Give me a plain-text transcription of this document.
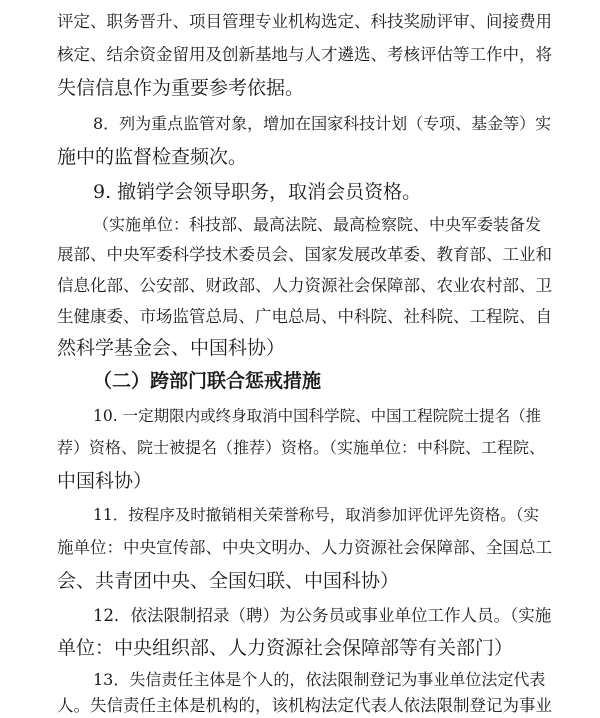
评定、职务晋升、项目管理专业机构选定、科技奖励评审、间接费用
核定、结余资金留用及创新基地与人才遴选、考核评估等工作中，将
失信信息作为重要参考依据。
8．列为重点监管对象，增加在国家科技计划（专项、基金等）实
施中的监督检查频次。
9. 撤销学会领导职务，取消会员资格。
（实施单位：科技部、最高法院、最高检察院、中央军委装备发
展部、中央军委科学技术委员会、国家发展改革委、教育部、工业和
信息化部、公安部、财政部、人力资源社会保障部、农业农村部、卫
生健康委、市场监管总局、广电总局、中科院、社科院、工程院、自
然科学基金会、中国科协）
（二）跨部门联合惩戒措施
10. 一定期限内或终身取消中国科学院、中国工程院院士提名（推
荐）资格、院士被提名（推荐）资格。（实施单位：中科院、工程院、
中国科协）
11．按程序及时撤销相关荣誉称号，取消参加评优评先资格。（实
施单位：中央宣传部、中央文明办、人力资源社会保障部、全国总工
会、共青团中央、全国妇联、中国科协）
12．依法限制招录（聘）为公务员或事业单位工作人员。（实施
单位：中央组织部、人力资源社会保障部等有关部门）
13．失信责任主体是个人的，依法限制登记为事业单位法定代表
人。失信责任主体是机构的，该机构法定代表人依法限制登记为事业
